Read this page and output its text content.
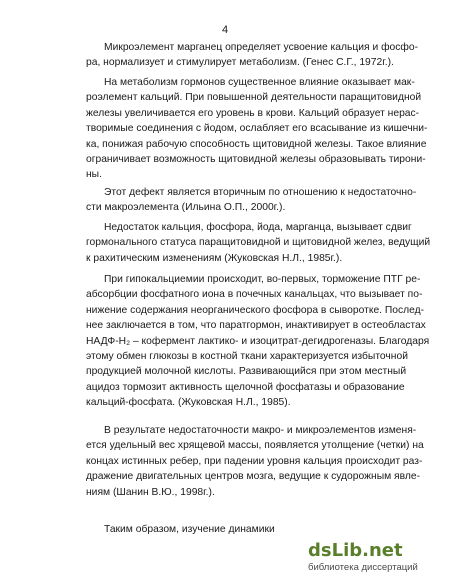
4
Микроэлемент марганец определяет усвоение кальция и фосфо-
ра, нормализует и стимулирует метаболизм. (Генес С.Г., 1972г.).
На метаболизм гормонов существенное влияние оказывает мак-
роэлемент кальций. При повышенной деятельности паращитовидной
железы увеличивается его уровень в крови. Кальций образует нерас-
творимые соединения с йодом, ослабляет его всасывание из кишечни-
ка, понижая рабочую способность щитовидной железы. Такое влияние
ограничивает возможность щитовидной железы образовывать тирони-
ны.
Этот дефект является вторичным по отношению к недостаточно-
сти макроэлемента (Ильина О.П., 2000г.).
Недостаток кальция, фосфора, йода, марганца, вызывает сдвиг
гормонального статуса паращитовидной и щитовидной желез, ведущий
к рахитическим изменениям (Жуковская Н.Л., 1985г.).
При гипокальциемии происходит, во-первых, торможение ПТГ ре-
абсорбции фосфатного иона в почечных канальцах, что вызывает по-
нижение содержания неорганического фосфора в сыворотке. Послед-
нее заключается в том, что паратгормон, инактивирует в остеобластах
НАДФ-Н₂ – кофермент лактико- и изоцитрат-дегидрогеназы. Благодаря
этому обмен глюкозы в костной ткани характеризуется избыточной
продукцией молочной кислоты. Развивающийся при этом местный
ацидоз тормозит активность щелочной фосфатазы и образование
кальций-фосфата. (Жуковская Н.Л., 1985).
В результате недостаточности макро- и микроэлементов изменя-
ется удельный вес хрящевой массы, появляется утолщение (четки) на
концах истинных ребер, при падении уровня кальция происходит раз-
дражение двигательных центров мозга, ведущие к судорожным явле-
ниям (Шанин В.Ю., 1998г.).
Таким образом, изучение динамики
dsLib.net
библиотека диссертаций
